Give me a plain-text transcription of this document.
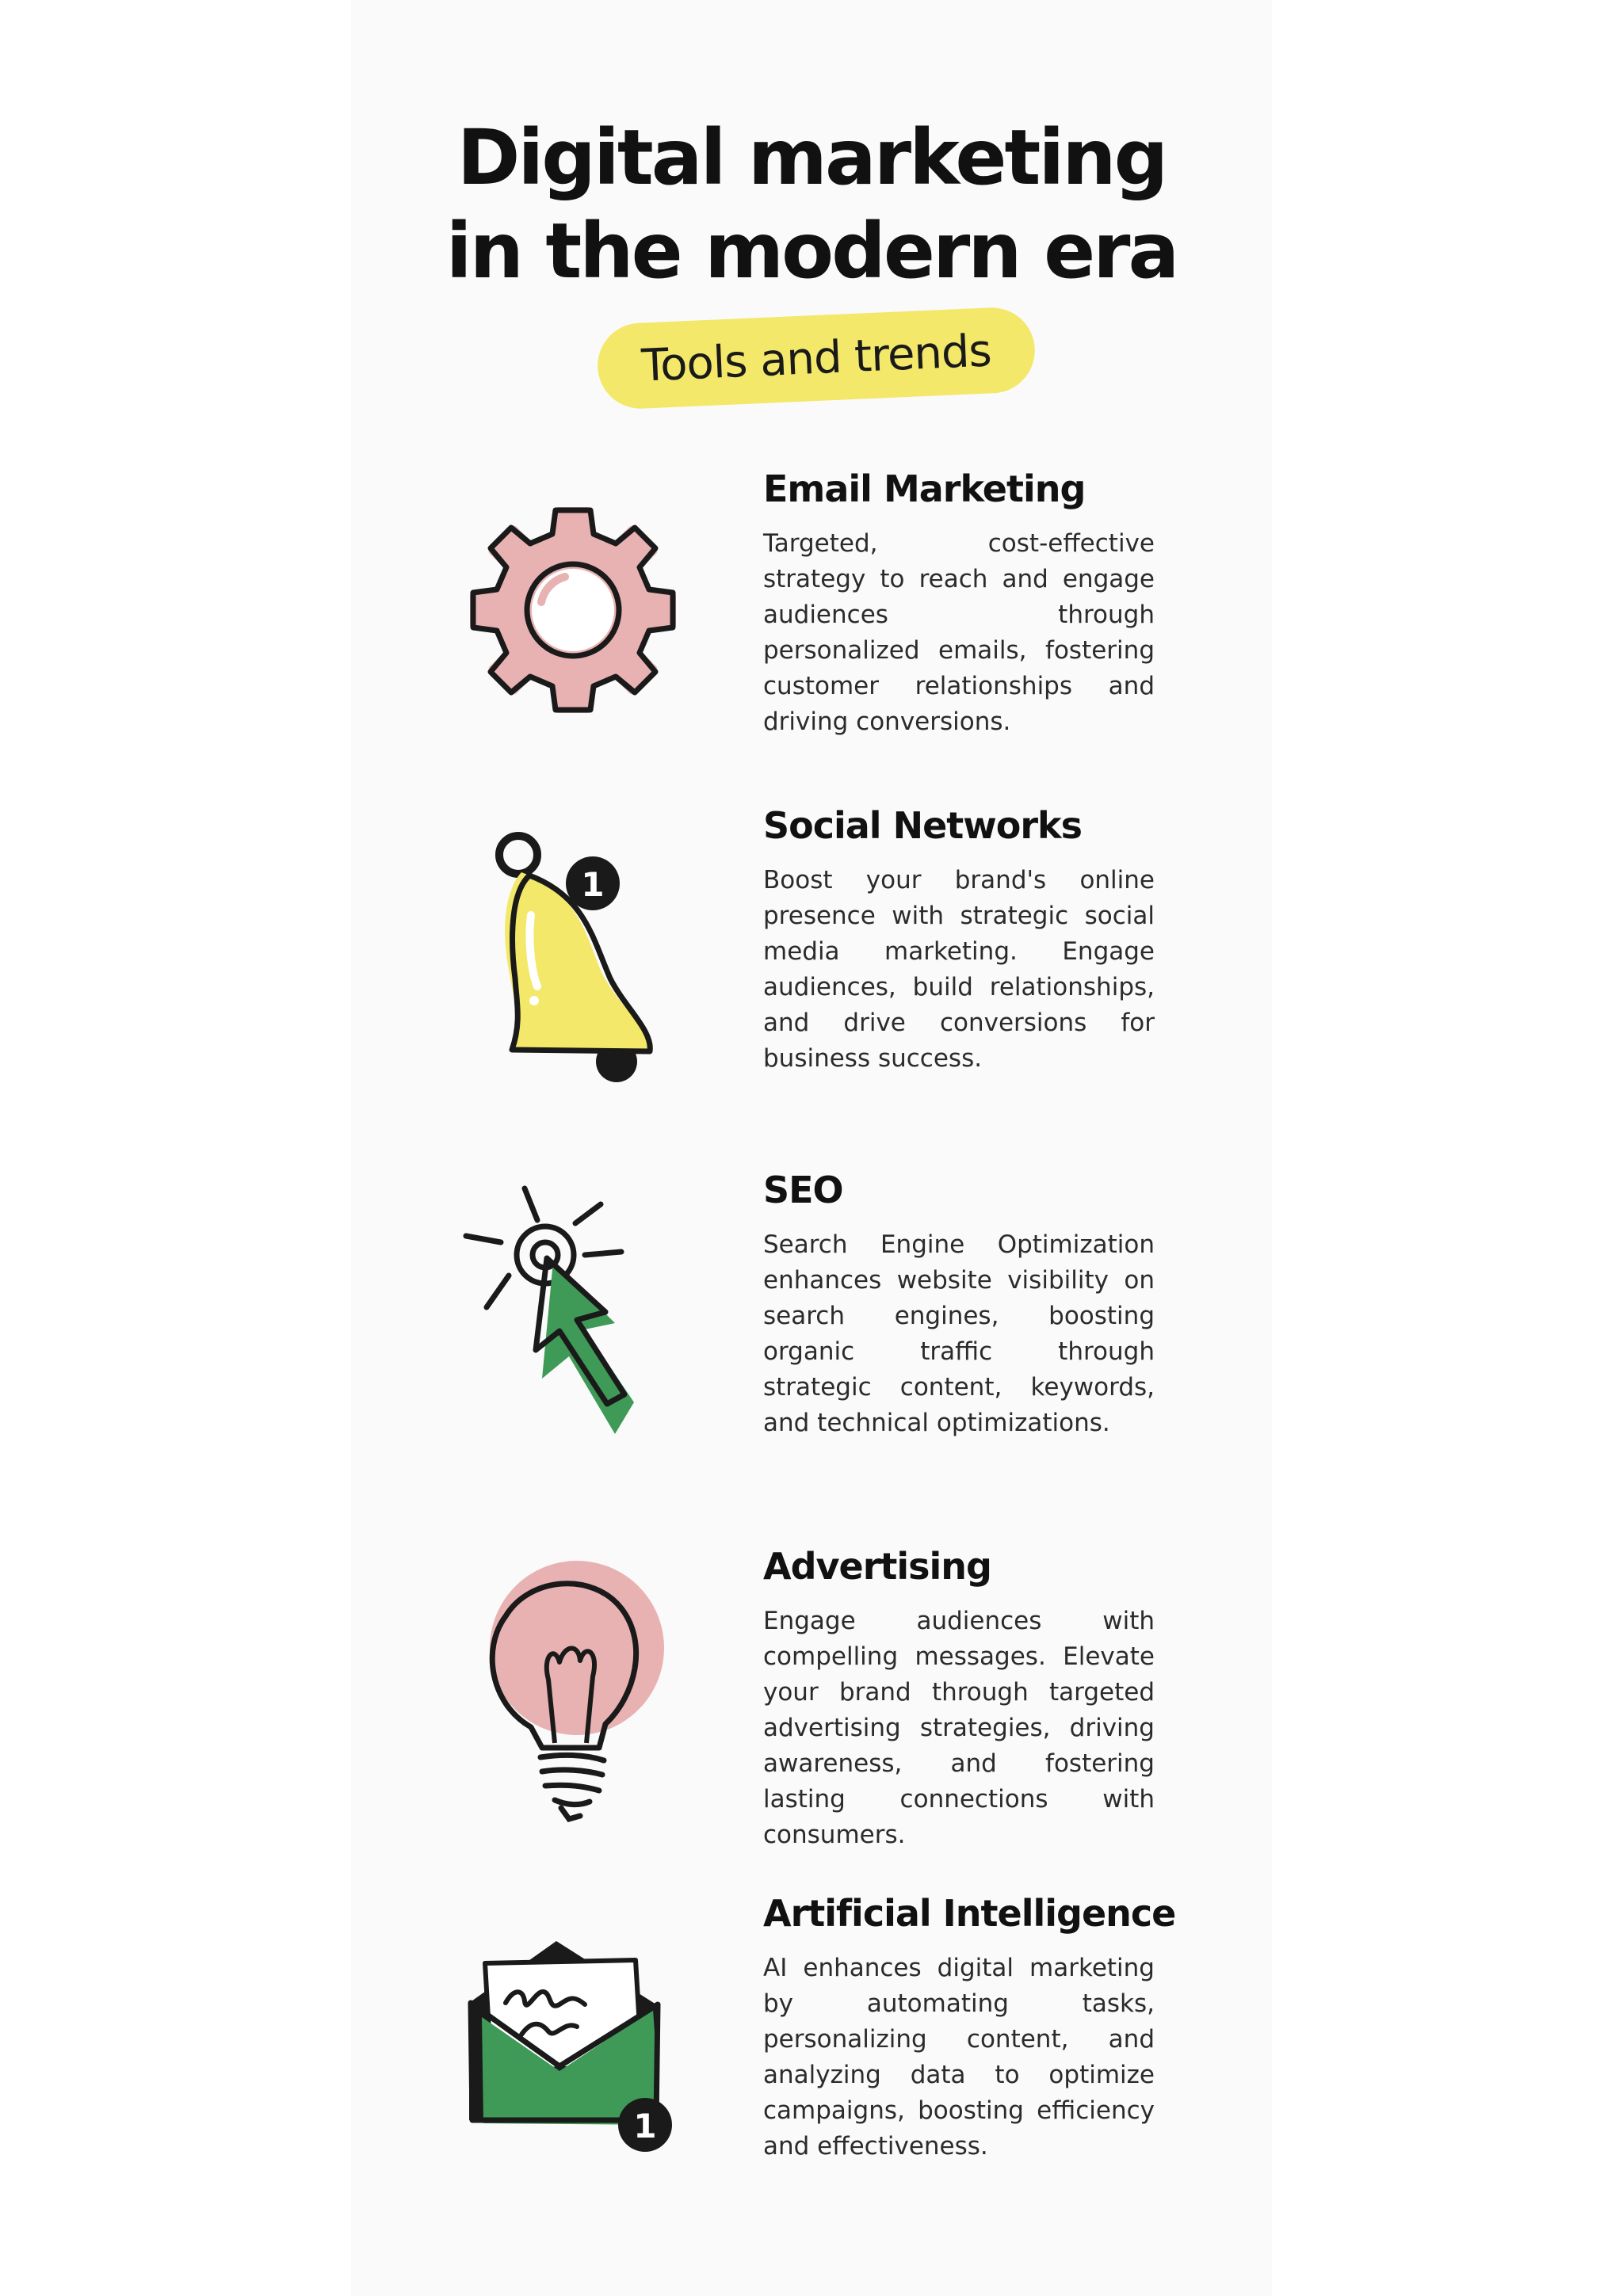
Digital marketing
in the modern era
Tools and trends
Email Marketing

Targeted, cost-effective strategy to reach and engage audiences through personalized emails, fostering customer relationships and driving conversions.

1
Social Networks

Boost your brand's online presence with strategic social media marketing. Engage audiences, build relationships, and drive conversions for business success.

SEO

Search Engine Optimization enhances website visibility on search engines, boosting organic traffic through strategic content, keywords, and technical optimizations.

Advertising

Engage audiences with compelling messages. Elevate your brand through targeted advertising strategies, driving awareness, and fostering lasting connections with consumers.

1
Artificial Intelligence

AI enhances digital marketing by automating tasks, personalizing content, and analyzing data to optimize campaigns, boosting efficiency and effectiveness.
